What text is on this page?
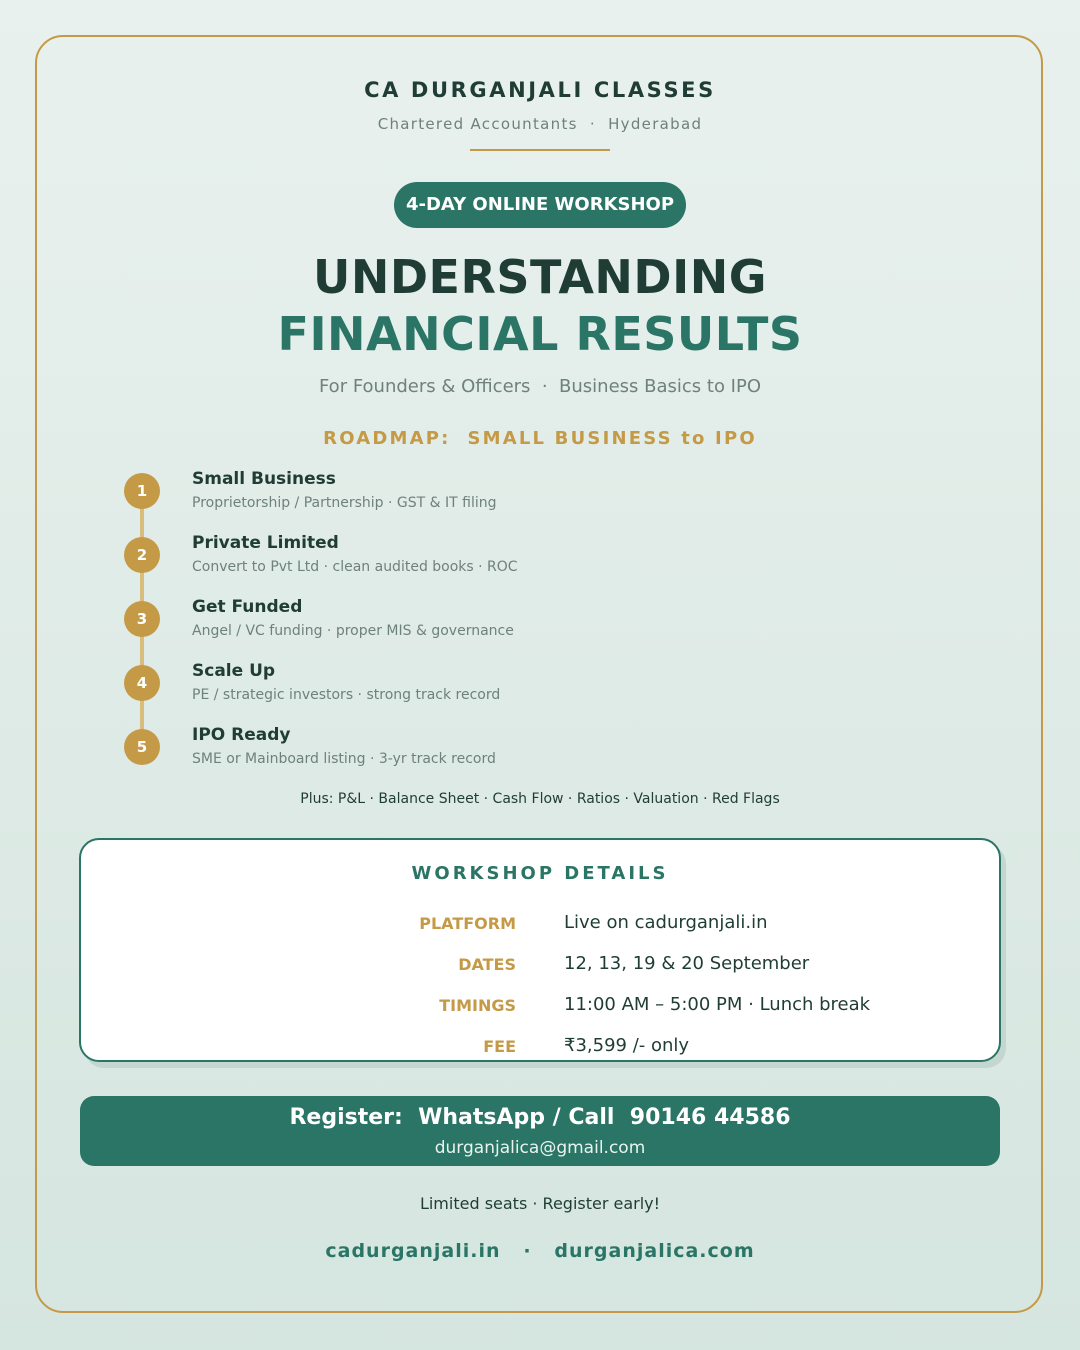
CA DURGANJALI CLASSES
Chartered Accountants  ·  Hyderabad
4-DAY ONLINE WORKSHOP
UNDERSTANDING
FINANCIAL RESULTS
For Founders & Officers  ·  Business Basics to IPO
ROADMAP:  SMALL BUSINESS to IPO
1
Small Business
Proprietorship / Partnership · GST & IT filing
2
Private Limited
Convert to Pvt Ltd · clean audited books · ROC
3
Get Funded
Angel / VC funding · proper MIS & governance
4
Scale Up
PE / strategic investors · strong track record
5
IPO Ready
SME or Mainboard listing · 3-yr track record
Plus: P&L · Balance Sheet · Cash Flow · Ratios · Valuation · Red Flags
WORKSHOP DETAILS
PLATFORM	Live on cadurganjali.in
DATES	12, 13, 19 & 20 September
TIMINGS	11:00 AM – 5:00 PM · Lunch break
FEE	₹3,599 /- only
Register:  WhatsApp / Call  90146 44586
durganjalica@gmail.com
Limited seats · Register early!
cadurganjali.in   ·   durganjalica.com
